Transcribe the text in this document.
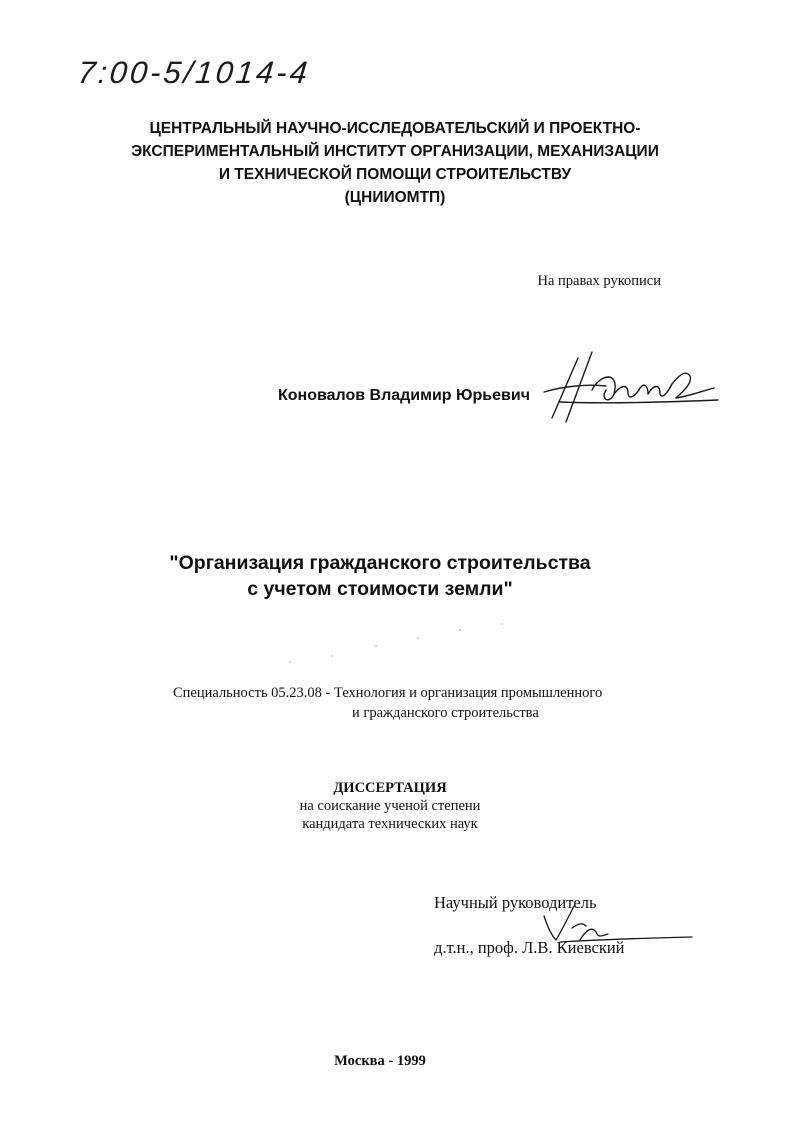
7:00-5/1014-4
ЦЕНТРАЛЬНЫЙ НАУЧНО-ИССЛЕДОВАТЕЛЬСКИЙ И ПРОЕКТНО-
ЭКСПЕРИМЕНТАЛЬНЫЙ ИНСТИТУТ ОРГАНИЗАЦИИ, МЕХАНИЗАЦИИ
И ТЕХНИЧЕСКОЙ ПОМОЩИ СТРОИТЕЛЬСТВУ
(ЦНИИОМТП)
На правах рукописи
Коновалов Владимир Юрьевич
"Организация гражданского строительства
с учетом стоимости земли"
Специальность 05.23.08 - Технология и организация промышленного
и гражданского строительства
ДИССЕРТАЦИЯ
на соискание ученой степени
кандидата технических наук
Научный руководитель
д.т.н., проф. Л.В. Киевский
Москва - 1999
